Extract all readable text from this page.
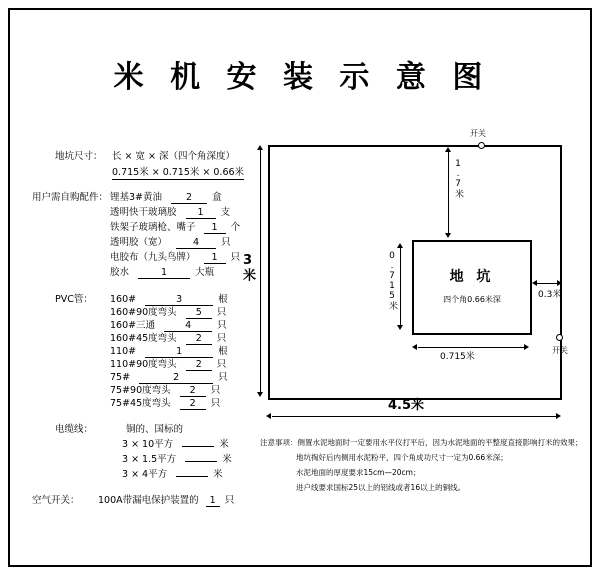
米 机 安 装 示 意 图
地坑尺寸： 长 × 宽 × 深（四个角深度）
0.715米 × 0.715米 × 0.66米
用户需自购配件： 锂基3#黄油	2 盒
透明快干玻璃胶 1 支
铁架子玻璃枪、嘴子 1 个
透明胶（宽）	4 只
电胶布（九头鸟牌） 1 只
胶水	1	大瓶
PVC管： 160#	3	根
160#90度弯头 5 只
160#三通	4	只
160#45度弯头 2 只
110#	1	根
110#90度弯头 2 只
75#	2	只
75#90度弯头 2 只
75#45度弯头 2 只
电缆线：	铜的、国标的
3 × 10平方	米
3 × 1.5平方	米
3 × 4平方	米
空气开关： 100A带漏电保护装置的 1 只
地 坑
四个角0.66米深
开关
开关
3米
4.5米
1.7米
0.3米
0.715米
0.715米
注意事项：侧置水泥地面时一定要用水平仪打平后，因为水泥地面的平整度直接影响打米的效果；
地坑掏好后内侧用水泥粉平，四个角成功尺寸一定为0.66米深；
水泥地面的厚度要求15cm—20cm；
进户线要求国标25以上的铝线或者16以上的铜线。
